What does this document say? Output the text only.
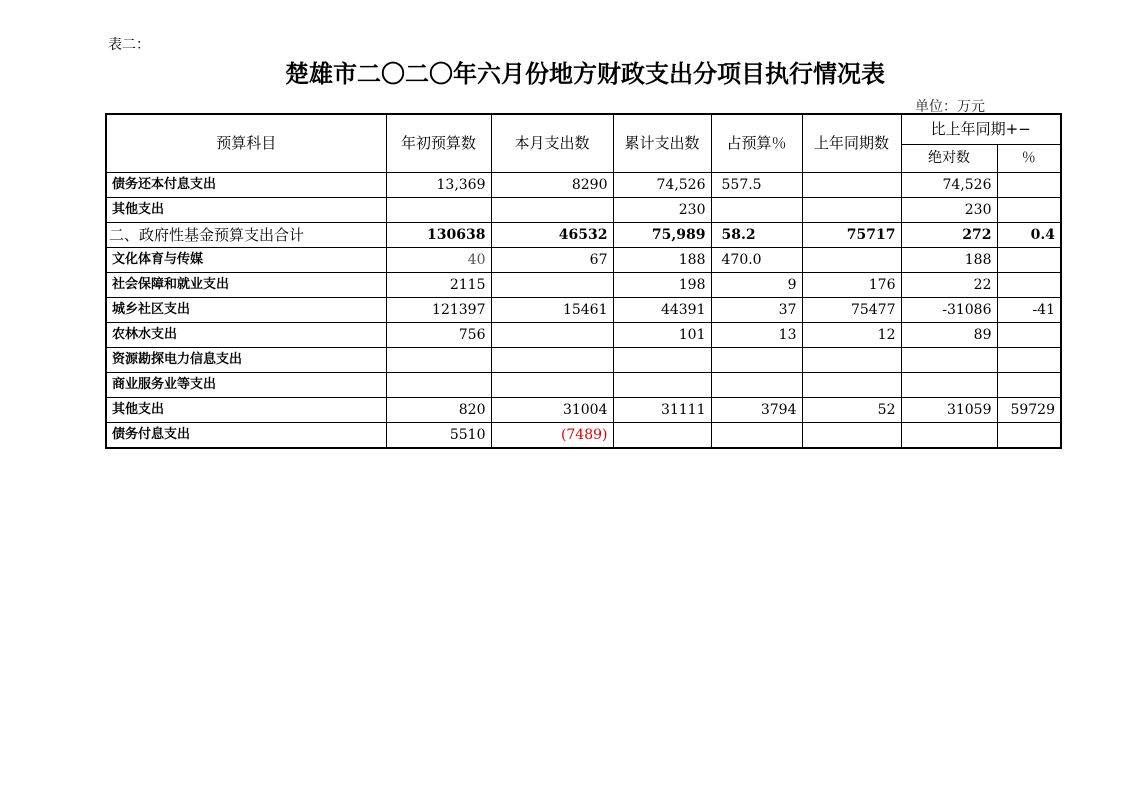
表二：
楚雄市二〇二〇年六月份地方财政支出分项目执行情况表
单位：万元
预算科目	年初预算数	本月支出数	累计支出数	占预算％	上年同期数	比上年同期+−	
						绝对数	％
债务还本付息支出	13,369	8290	74,526	557.5		74,526	
其他支出			230			230	
二、政府性基金预算支出合计	130638	46532	75,989	58.2	75717	272	0.4
文化体育与传媒	40	67	188	470.0		188	
社会保障和就业支出	2115		198	9	176	22	
城乡社区支出	121397	15461	44391	37	75477	-31086	-41
农林水支出	756		101	13	12	89	
资源勘探电力信息支出							
商业服务业等支出							
其他支出	820	31004	31111	3794	52	31059	59729
债务付息支出	5510	(7489)					
